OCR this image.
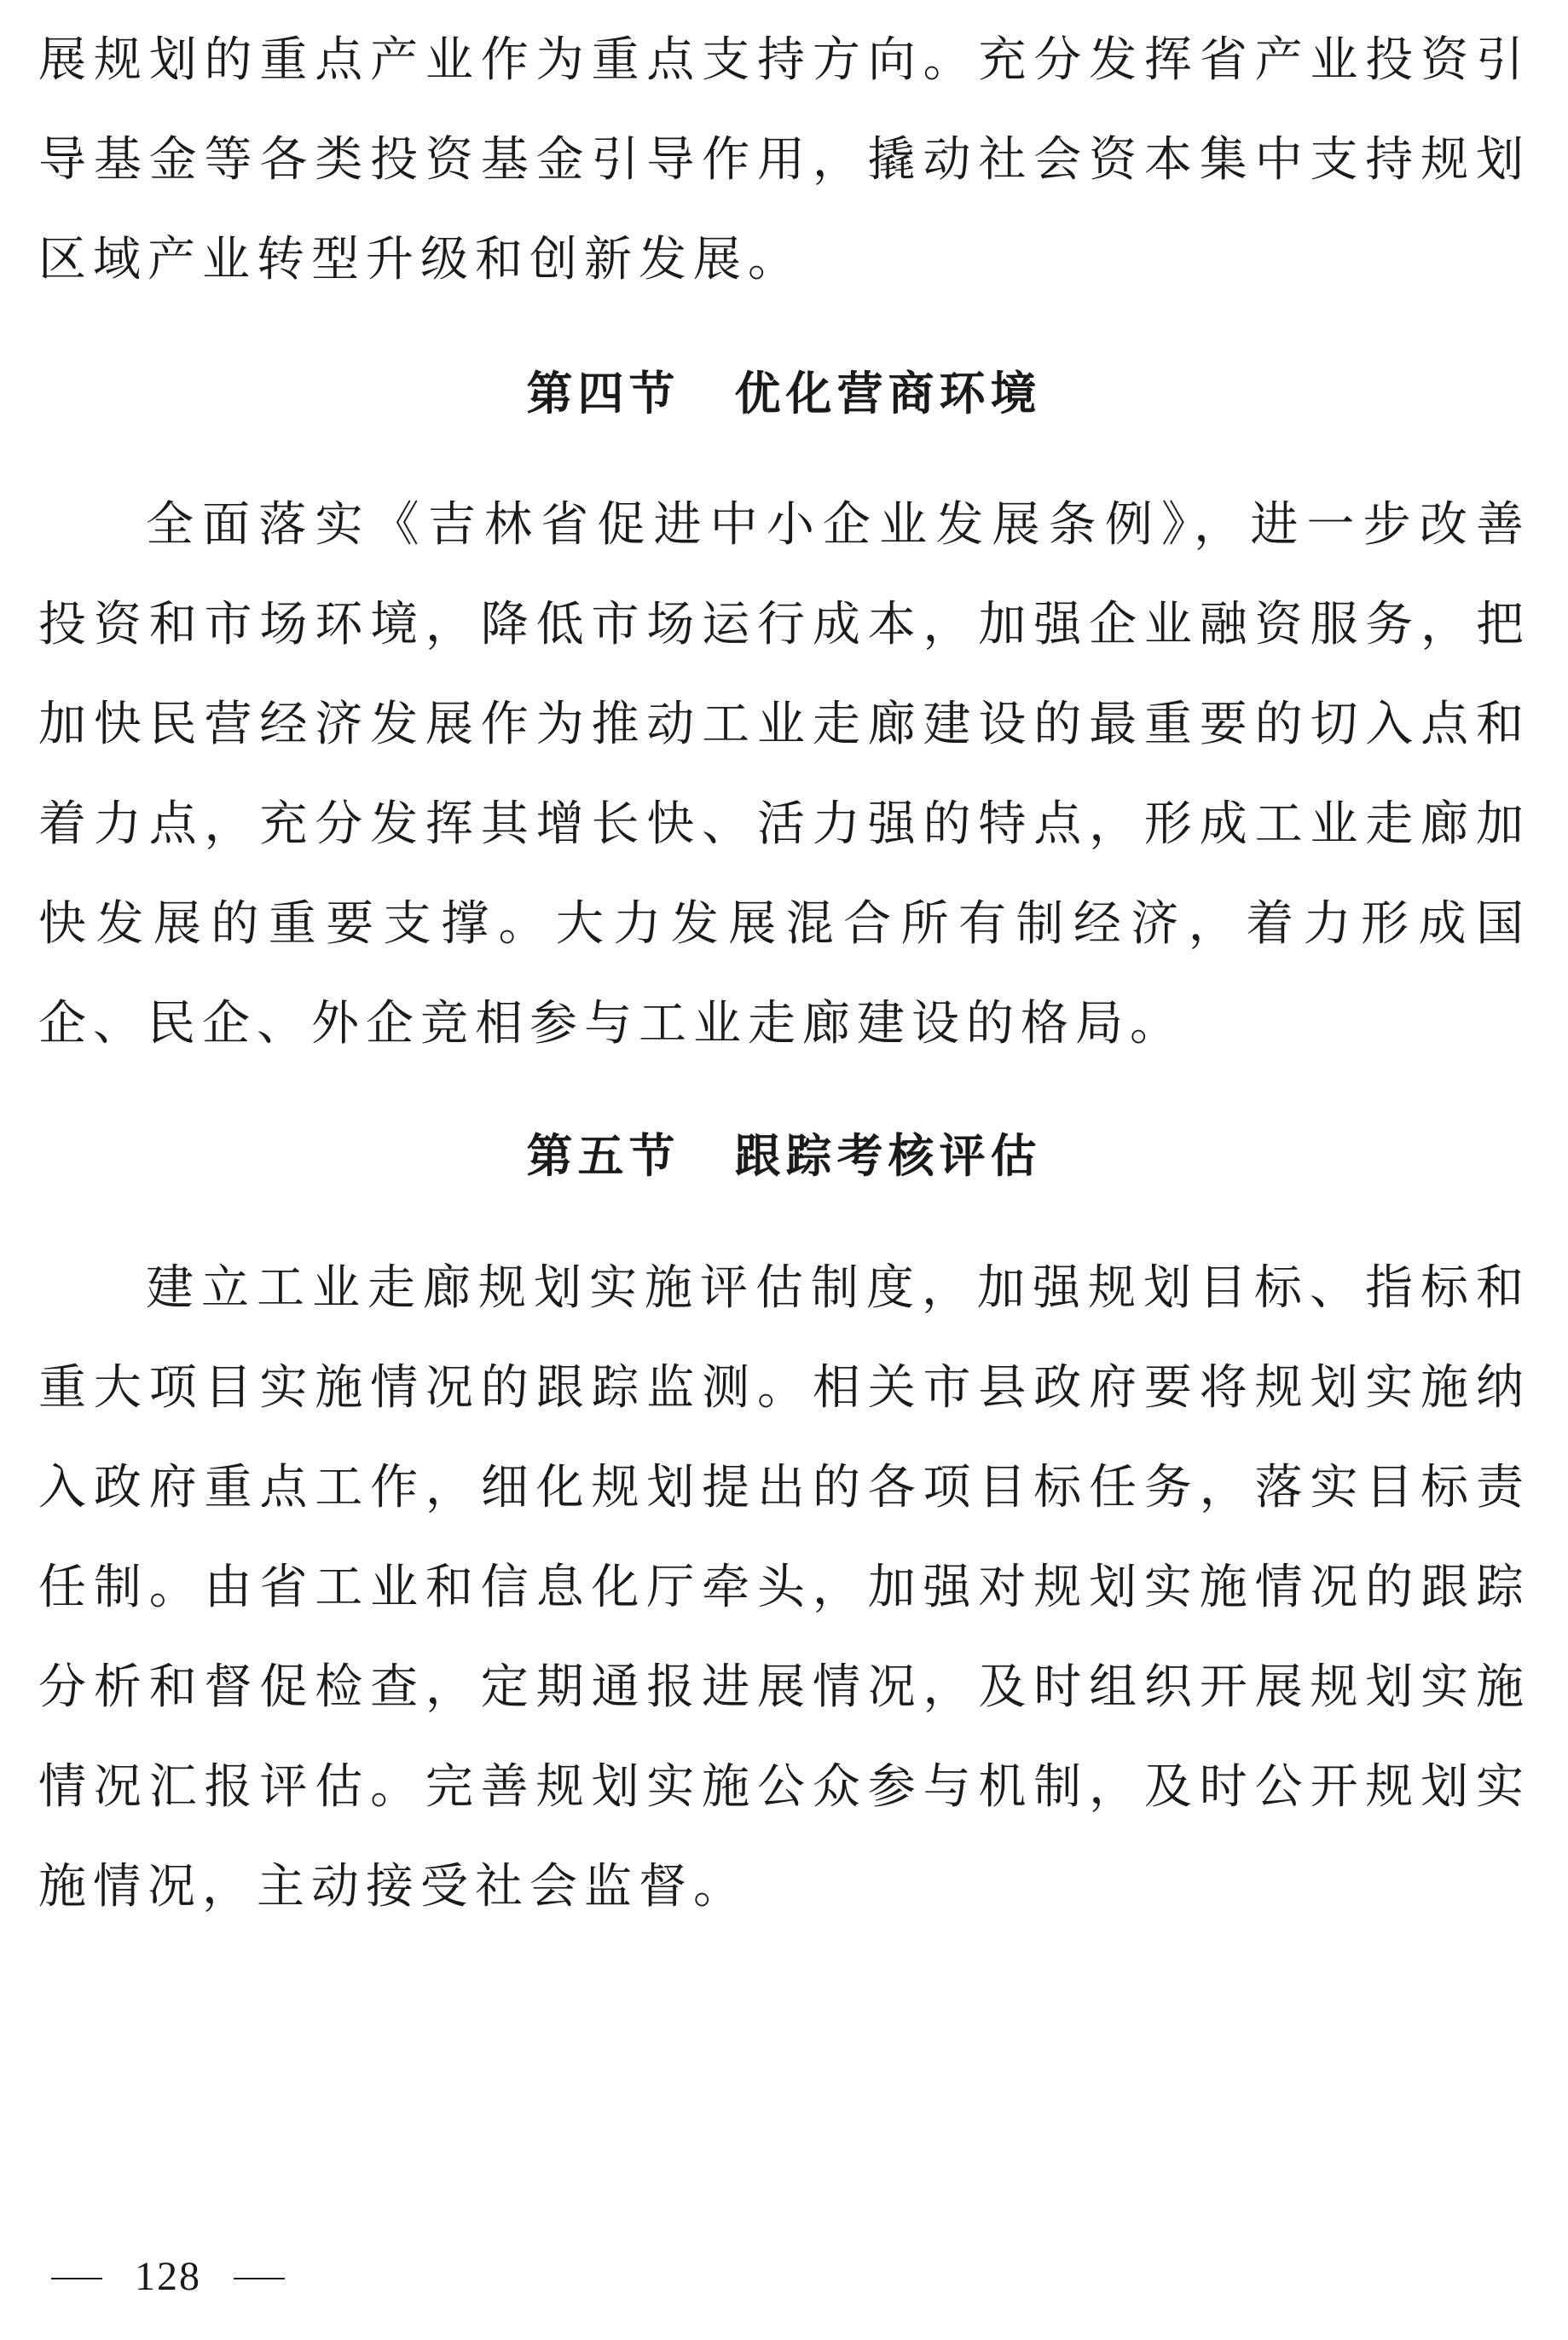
展规划的重点产业作为重点支持方向。充分发挥省产业投资引导基金等各类投资基金引导作用，撬动社会资本集中支持规划区域产业转型升级和创新发展。

第四节 优化营商环境

全面落实《吉林省促进中小企业发展条例》，进一步改善投资和市场环境，降低市场运行成本，加强企业融资服务，把加快民营经济发展作为推动工业走廊建设的最重要的切入点和着力点，充分发挥其增长快、活力强的特点，形成工业走廊加快发展的重要支撑。大力发展混合所有制经济，着力形成国企、民企、外企竞相参与工业走廊建设的格局。

第五节 跟踪考核评估

建立工业走廊规划实施评估制度，加强规划目标、指标和重大项目实施情况的跟踪监测。相关市县政府要将规划实施纳入政府重点工作，细化规划提出的各项目标任务，落实目标责任制。由省工业和信息化厅牵头，加强对规划实施情况的跟踪分析和督促检查，定期通报进展情况，及时组织开展规划实施情况汇报评估。完善规划实施公众参与机制，及时公开规划实施情况，主动接受社会监督。

128
